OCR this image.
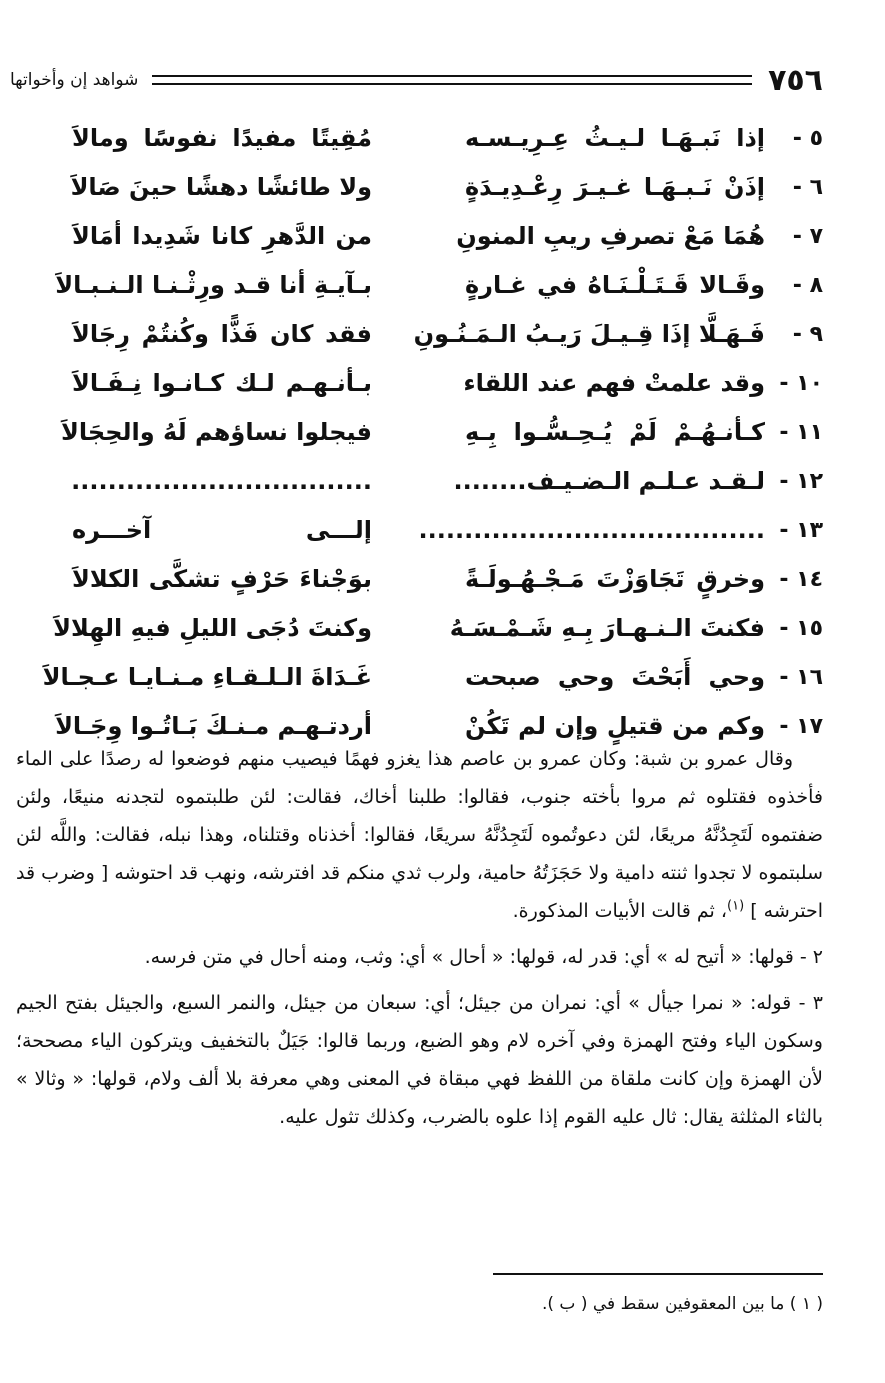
٧٥٦
شواهد إن وأخواتها
٥ -
إذا نَبـهَـا لـيـثُ عِـرِيـسـه
مُقِيتًا مفيدًا نفوسًا ومالاَ
٦ -
إذَنْ نَـبـهَـا غـيـرَ رِعْـدِيـدَةٍ
ولا طائشًا دهشًا حينَ صَالاَ
٧ -
هُمَا مَعْ تصرفِ ريبِ المنونِ
من الدَّهرِ كانا شَدِيدا أمَالاَ
٨ -
وقَـالا قَـتَـلْـنَـاهُ في غـارةٍ
بـآيـةِ أنا قـد ورِثْـنـا الـنـبـالاَ
٩ -
فَـهَـلَّا إذَا قِـيـلَ رَيـبُ الـمَـنُـونِ
فقد كان فَذًّا وكُنتُمْ رِجَالاَ
١٠ -
وقد علمتْ فهم عند اللقاء
بـأنـهـم لـك كـانـوا نِـفَـالاَ
١١ -
كـأنـهُـمْ لَمْ يُـحِـسُّـوا بِـهِ
فيجلوا نساؤهم لَهُ والحِجَالاَ
١٢ -
لـقـد عـلـم الـضـيـف........
.................................
١٣ -
......................................
إلـــى آخـــره
١٤ -
وخرقٍ تَجَاوَزْتَ مَـجْـهُـولَـةً
بوَجْناءَ حَرْفٍ تشكَّى الكلالاَ
١٥ -
فكنتَ الـنـهـارَ بِـهِ شَـمْـسَـهُ
وكنتَ دُجَى الليلِ فيهِ الهِلالاَ
١٦ -
وحي أَبَحْتَ وحي صبحت
غَـدَاةَ الـلـقـاءِ مـنـايـا عـجـالاَ
١٧ -
وكم من قتيلٍ وإن لم تَكُنْ
أردتـهـم مـنـكَ بَـاتُـوا وِجَـالاَ

وقال عمرو بن شبة: وكان عمرو بن عاصم هذا يغزو فهمًا فيصيب منهم فوضعوا له رصدًا على الماء فأخذوه فقتلوه ثم مروا بأخته جنوب، فقالوا: طلبنا أخاك، فقالت: لئن طلبتموه لتجدنه منيعًا، ولئن ضفتموه لَتَجِدُنَّهُ مريعًا، لئن دعوتُموه لَتَجِدُنَّهُ سريعًا، فقالوا: أخذناه وقتلناه، وهذا نبله، فقالت: واللَّه لئن سلبتموه لا تجدوا ثنته دامية ولا حَجَزَتُهُ حامية، ولرب ثدي منكم قد افترشه، ونهب قد احتوشه [ وضرب قد احترشه ] $^{(١)}$، ثم قالت الأبيات المذكورة.

٢ - قولها: « أتيح له » أي: قدر له، قولها: « أحال » أي: وثب، ومنه أحال في متن فرسه.

٣ - قوله: « نمرا جيأل » أي: نمران من جيئل؛ أي: سبعان من جيئل، والنمر السبع، والجيئل بفتح الجيم وسكون الياء وفتح الهمزة وفي آخره لام وهو الضبع، وربما قالوا: جَيَلٌ بالتخفيف ويتركون الياء مصححة؛ لأن الهمزة وإن كانت ملقاة من اللفظ فهي مبقاة في المعنى وهي معرفة بلا ألف ولام، قولها: « وثالا » بالثاء المثلثة يقال: ثال عليه القوم إذا علوه بالضرب، وكذلك تثول عليه.

( ١ ) ما بين المعقوفين سقط في ( ب ).
